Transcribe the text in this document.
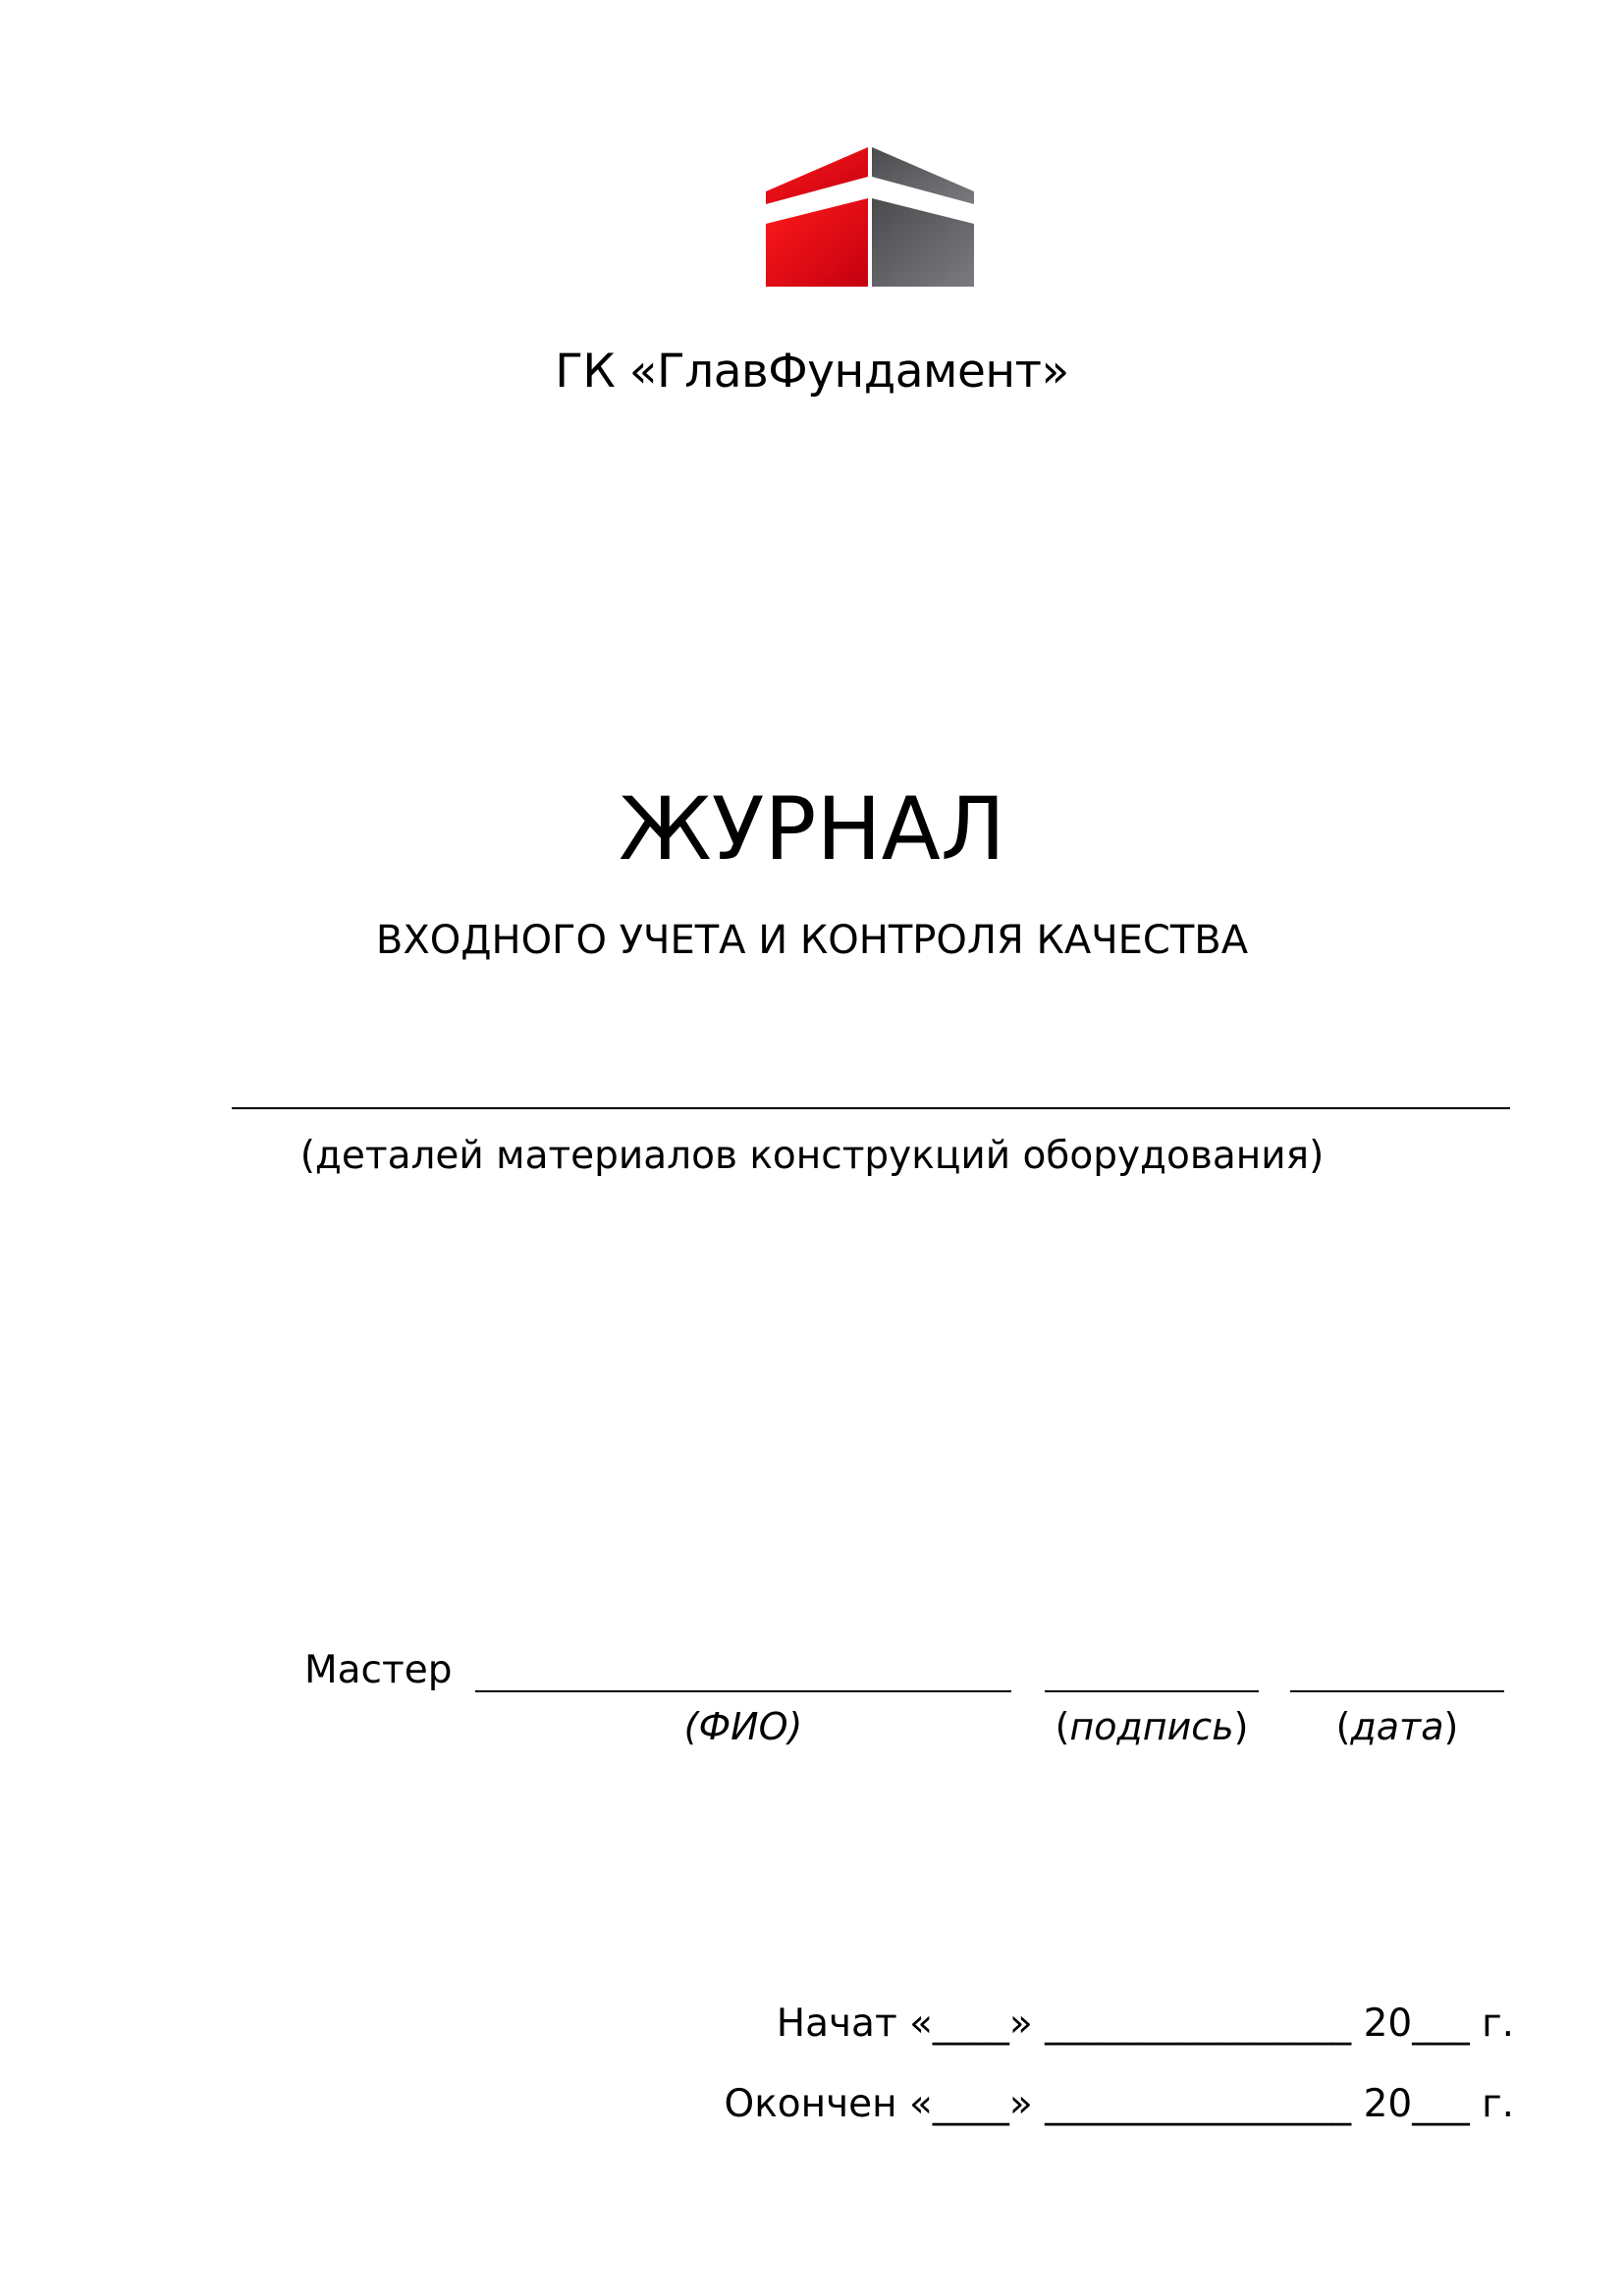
ГК «ГлавФундамент»
ЖУРНАЛ
ВХОДНОГО УЧЕТА И КОНТРОЛЯ КАЧЕСТВА
(деталей материалов конструкций оборудования)
Мастер
(ФИО)	(подпись)	(дата)
Начат «____» ________________ 20___ г.
Окончен «____» ________________ 20___ г.
